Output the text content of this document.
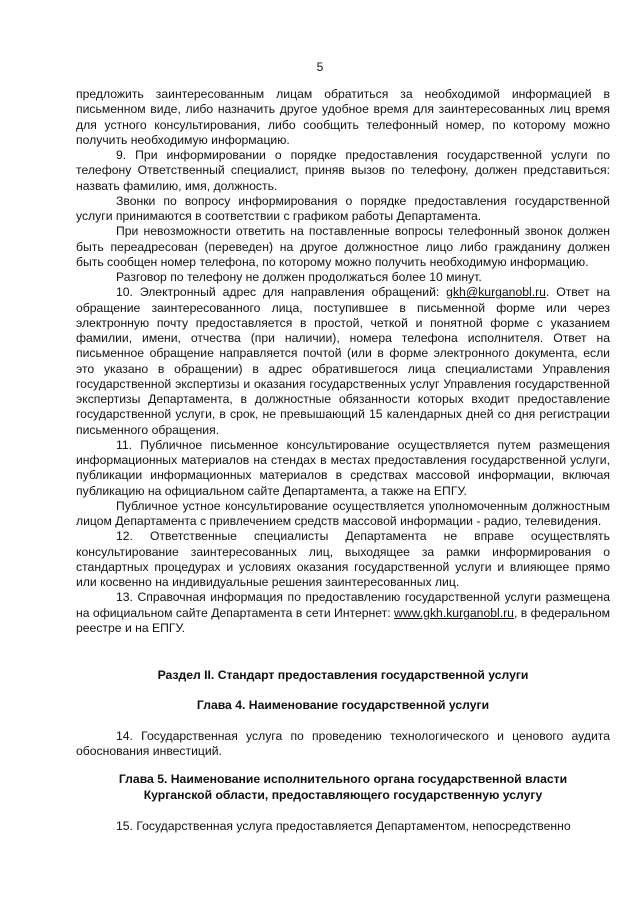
5

предложить заинтересованным лицам обратиться за необходимой информацией в письменном виде, либо назначить другое удобное время для заинтересованных лиц время для устного консультирования, либо сообщить телефонный номер, по которому можно получить необходимую информацию.

9. При информировании о порядке предоставления государственной услуги по телефону Ответственный специалист, приняв вызов по телефону, должен представиться: назвать фамилию, имя, должность.

Звонки по вопросу информирования о порядке предоставления государственной услуги принимаются в соответствии с графиком работы Департамента.

При невозможности ответить на поставленные вопросы телефонный звонок должен быть переадресован (переведен) на другое должностное лицо либо гражданину должен быть сообщен номер телефона, по которому можно получить необходимую информацию.

Разговор по телефону не должен продолжаться более 10 минут.

10. Электронный адрес для направления обращений: gkh@kurganobl.ru. Ответ на обращение заинтересованного лица, поступившее в письменной форме или через электронную почту предоставляется в простой, четкой и понятной форме с указанием фамилии, имени, отчества (при наличии), номера телефона исполнителя. Ответ на письменное обращение направляется почтой (или в форме электронного документа, если это указано в обращении) в адрес обратившегося лица специалистами Управления государственной экспертизы и оказания государственных услуг Управления государственной экспертизы Департамента, в должностные обязанности которых входит предоставление государственной услуги, в срок, не превышающий 15 календарных дней со дня регистрации письменного обращения.

11. Публичное письменное консультирование осуществляется путем размещения информационных материалов на стендах в местах предоставления государственной услуги, публикации информационных материалов в средствах массовой информации, включая публикацию на официальном сайте Департамента, а также на ЕПГУ.

Публичное устное консультирование осуществляется уполномоченным должностным лицом Департамента с привлечением средств массовой информации - радио, телевидения.

12. Ответственные специалисты Департамента не вправе осуществлять консультирование заинтересованных лиц, выходящее за рамки информирования о стандартных процедурах и условиях оказания государственной услуги и влияющее прямо или косвенно на индивидуальные решения заинтересованных лиц.

13. Справочная информация по предоставлению государственной услуги размещена на официальном сайте Департамента в сети Интернет: www.gkh.kurganobl.ru, в федеральном реестре и на ЕПГУ.

Раздел II. Стандарт предоставления государственной услуги

Глава 4. Наименование государственной услуги

14. Государственная услуга по проведению технологического и ценового аудита обоснования инвестиций.

Глава 5. Наименование исполнительного органа государственной власти

Курганской области, предоставляющего государственную услугу

15. Государственная услуга предоставляется Департаментом, непосредственно
